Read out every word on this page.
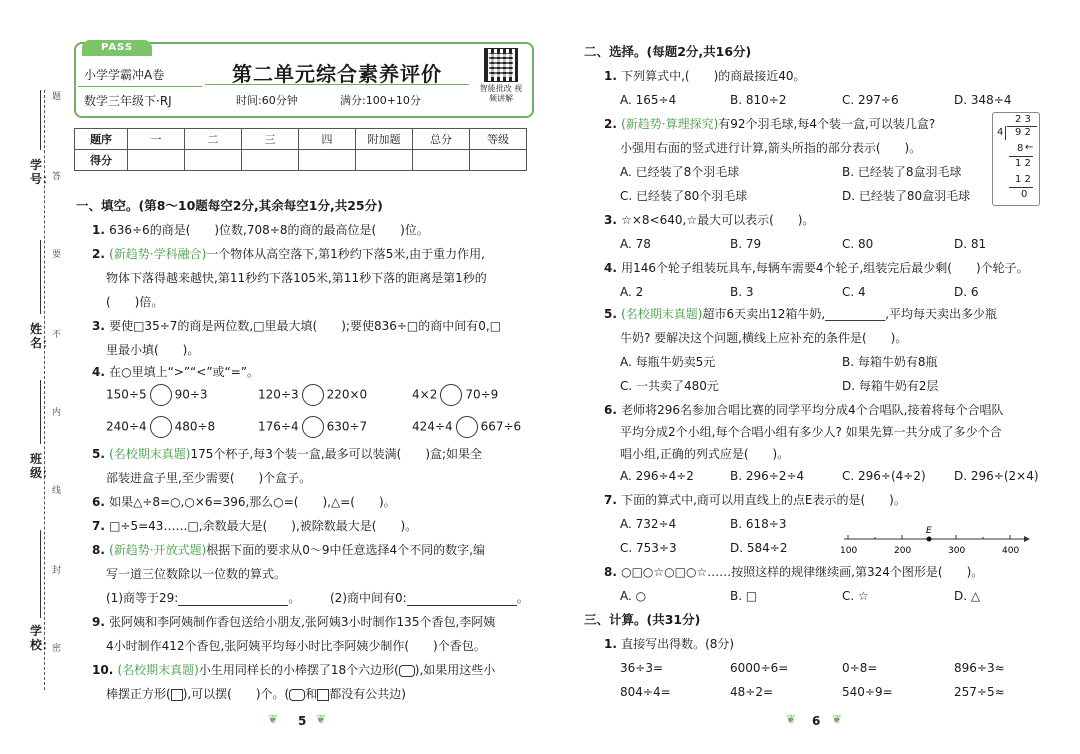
学号：
姓名：
班级：
学校：
题
答
要
不
内
线
封
密
PASS
小学学霸冲A卷
数学三年级下·RJ
第二单元综合素养评价
时间:60分钟	满分:100+10分
智能批改 视频讲解
题序	一	二	三	四	附加题	总分	等级
得分							
一、填空。(第8～10题每空2分,其余每空1分,共25分)
1. 636÷6的商是(　　)位数,708÷8的商的最高位是(　　)位。
2. (新趋势·学科融合)一个物体从高空落下,第1秒约下落5米,由于重力作用,
物体下落得越来越快,第11秒约下落105米,第11秒下落的距离是第1秒的
(　　)倍。
3. 要使□35÷7的商是两位数,□里最大填(　　);要使836÷□的商中间有0,□
里最小填(　　)。
4. 在○里填上“>”“<”或“=”。
150÷5 90÷3	120÷3 220×0	4×2 70÷9
240÷4 480÷8	176÷4 630÷7	424÷4 667÷6
5. (名校期末真题)175个杯子,每3个装一盒,最多可以装满(　　)盒;如果全
部装进盒子里,至少需要(　　)个盒子。
6. 如果△÷8=○,○×6=396,那么○=(　　),△=(　　)。
7. □÷5=43……□,余数最大是(　　),被除数最大是(　　)。
8. (新趋势·开放式题)根据下面的要求从0～9中任意选择4个不同的数字,编
写一道三位数除以一位数的算式。
(1)商等于29:	。 (2)商中间有0:	。
9. 张阿姨和李阿姨制作香包送给小朋友,张阿姨3小时制作135个香包,李阿姨
4小时制作412个香包,张阿姨平均每小时比李阿姨少制作(　　)个香包。
10. (名校期末真题)小生用同样长的小棒摆了18个六边形( ),如果用这些小
棒摆正方形( ),可以摆(　　)个。( 和 都没有公共边)
❦ 5 ❦
二、选择。(每题2分,共16分)
1. 下列算式中,(　　)的商最接近40。
A. 165÷4	B. 810÷2	C. 297÷6	D. 348÷4
2. (新趋势·算理探究)有92个羽毛球,每4个装一盒,可以装几盒?
小强用右面的竖式进行计算,箭头所指的部分表示(　　)。
A. 已经装了8个羽毛球	B. 已经装了8盒羽毛球
C. 已经装了80个羽毛球	D. 已经装了80盒羽毛球
2 3
4 9 2
8 ←
1 2
1 2
0
3. ☆×8<640,☆最大可以表示(　　)。
A. 78	B. 79	C. 80	D. 81
4. 用146个轮子组装玩具车,每辆车需要4个轮子,组装完后最少剩(　　)个轮子。
A. 2	B. 3	C. 4	D. 6
5. (名校期末真题)超市6天卖出12箱牛奶,__________,平均每天卖出多少瓶
牛奶? 要解决这个问题,横线上应补充的条件是(　　)。
A. 每瓶牛奶卖5元	B. 每箱牛奶有8瓶
C. 一共卖了480元	D. 每箱牛奶有2层
6. 老师将296名参加合唱比赛的同学平均分成4个合唱队,接着将每个合唱队
平均分成2个小组,每个合唱小组有多少人? 如果先算一共分成了多少个合
唱小组,正确的列式应是(　　)。
A. 296÷4÷2	B. 296÷2÷4	C. 296÷(4÷2) D. 296÷(2×4)
7. 下面的算式中,商可以用直线上的点E表示的是(　　)。
A. 732÷4	B. 618÷3
C. 753÷3	D. 584÷2
E
100	200	300	400
8. ○□○☆○□○☆……按照这样的规律继续画,第324个图形是(　　)。
A. ○	B. □	C. ☆	D. △
三、计算。(共31分)
1. 直接写出得数。(8分)
36÷3=	6000÷6=	0÷8=	896÷3≈
804÷4=	48÷2=	540÷9=	257÷5≈
❦ 6 ❦
